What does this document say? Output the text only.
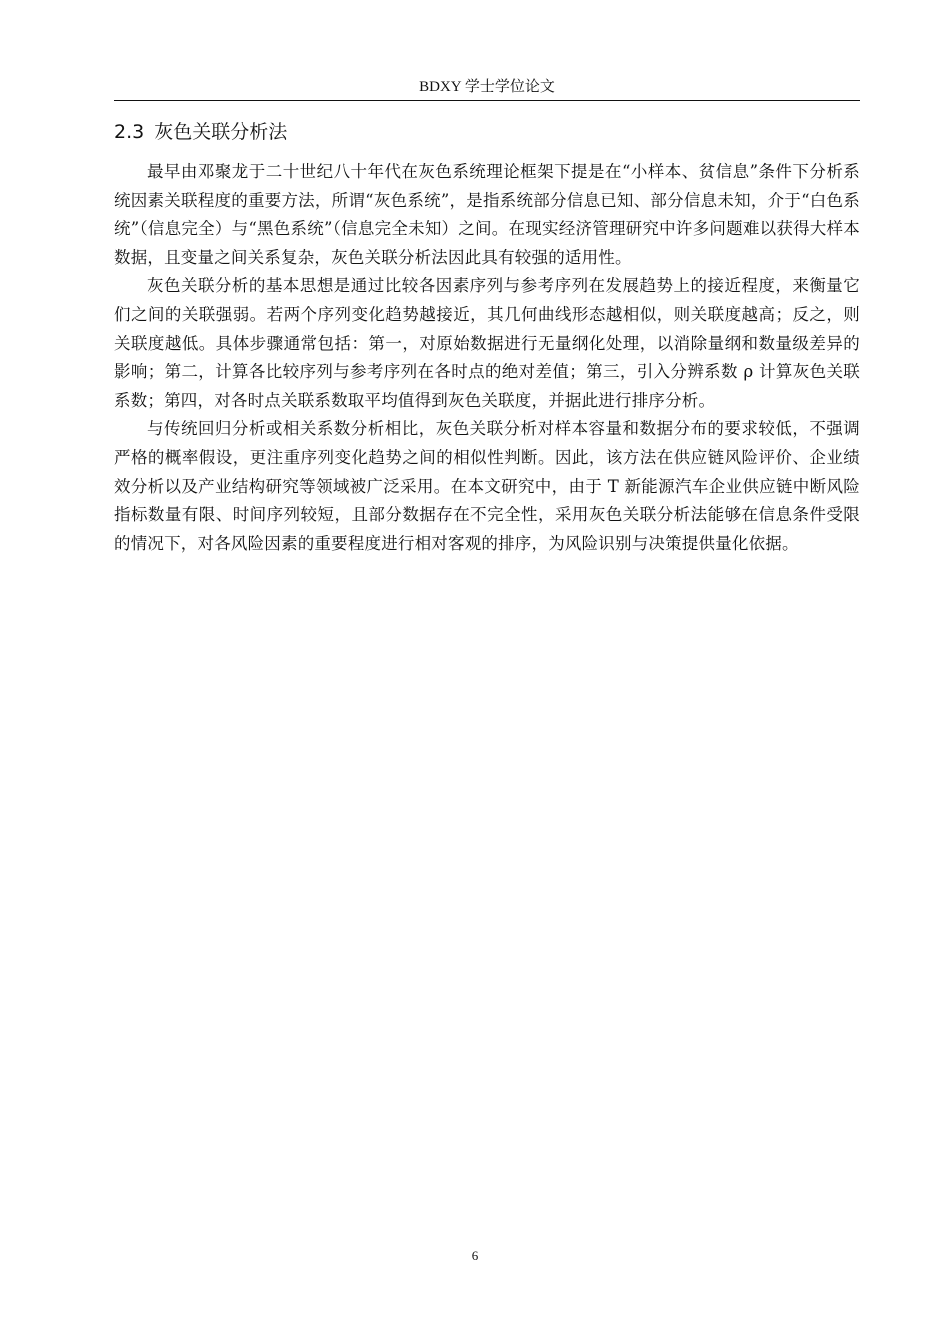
BDXY 学士学位论文
2.3 灰色关联分析法

最早由邓聚龙于二十世纪八十年代在灰色系统理论框架下提是在“小样本、贫信息”条件下分析系统因素关联程度的重要方法，所谓“灰色系统”，是指系统部分信息已知、部分信息未知，介于“白色系统”（信息完全）与“黑色系统”（信息完全未知）之间。在现实经济管理研究中许多问题难以获得大样本数据，且变量之间关系复杂，灰色关联分析法因此具有较强的适用性。

灰色关联分析的基本思想是通过比较各因素序列与参考序列在发展趋势上的接近程度，来衡量它们之间的关联强弱。若两个序列变化趋势越接近，其几何曲线形态越相似，则关联度越高；反之，则关联度越低。具体步骤通常包括：第一，对原始数据进行无量纲化处理，以消除量纲和数量级差异的影响；第二，计算各比较序列与参考序列在各时点的绝对差值；第三，引入分辨系数 ρ 计算灰色关联系数；第四，对各时点关联系数取平均值得到灰色关联度，并据此进行排序分析。

与传统回归分析或相关系数分析相比，灰色关联分析对样本容量和数据分布的要求较低，不强调严格的概率假设，更注重序列变化趋势之间的相似性判断。因此，该方法在供应链风险评价、企业绩效分析以及产业结构研究等领域被广泛采用。在本文研究中，由于 T 新能源汽车企业供应链中断风险指标数量有限、时间序列较短，且部分数据存在不完全性，采用灰色关联分析法能够在信息条件受限的情况下，对各风险因素的重要程度进行相对客观的排序，为风险识别与决策提供量化依据。

6
